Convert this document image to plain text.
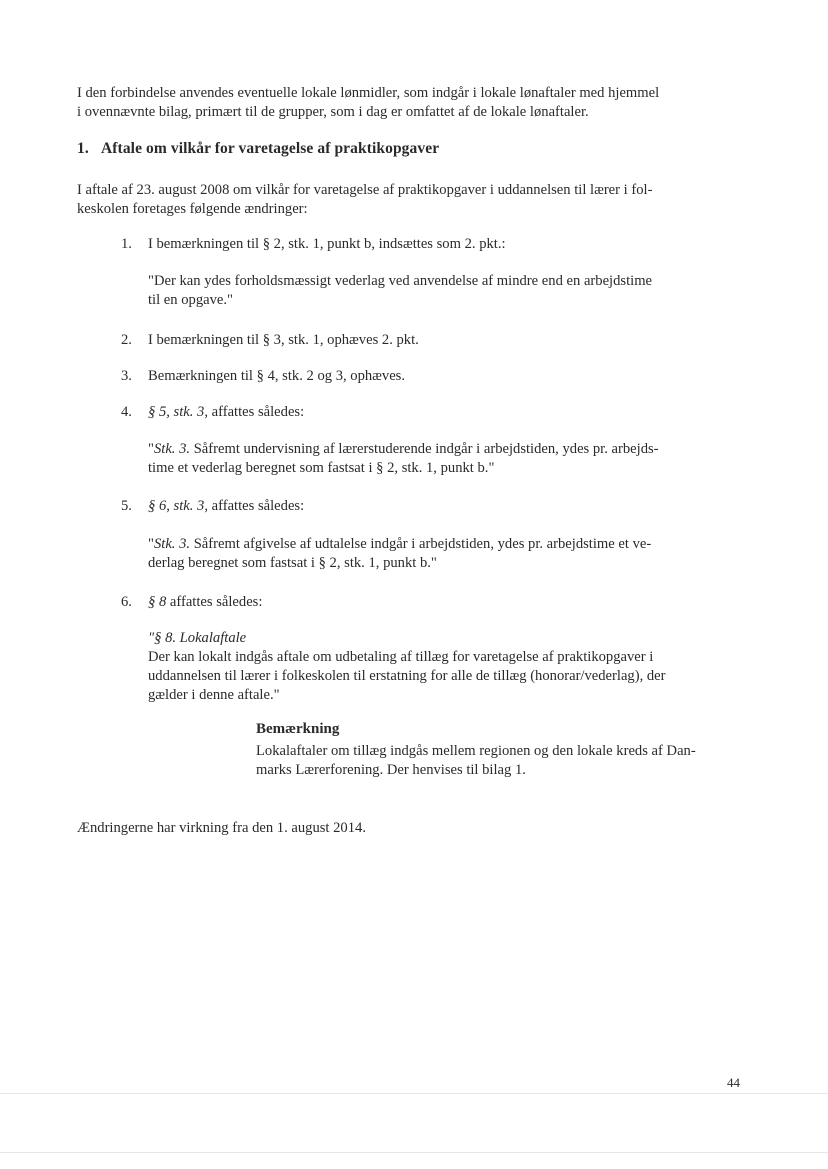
I den forbindelse anvendes eventuelle lokale lønmidler, som indgår i lokale lønaftaler med hjemmel
i ovennævnte bilag, primært til de grupper, som i dag er omfattet af de lokale lønaftaler.
1. Aftale om vilkår for varetagelse af praktikopgaver
I aftale af 23. august 2008 om vilkår for varetagelse af praktikopgaver i uddannelsen til lærer i fol-
keskolen foretages følgende ændringer:
1.	I bemærkningen til § 2, stk. 1, punkt b, indsættes som 2. pkt.:
"Der kan ydes forholdsmæssigt vederlag ved anvendelse af mindre end en arbejdstime
til en opgave."
2.	I bemærkningen til § 3, stk. 1, ophæves 2. pkt.
3.	Bemærkningen til § 4, stk. 2 og 3, ophæves.
4.	§ 5, stk. 3, affattes således:
"Stk. 3. Såfremt undervisning af lærerstuderende indgår i arbejdstiden, ydes pr. arbejds-
time et vederlag beregnet som fastsat i § 2, stk. 1, punkt b."
5.	§ 6, stk. 3, affattes således:
"Stk. 3. Såfremt afgivelse af udtalelse indgår i arbejdstiden, ydes pr. arbejdstime et ve-
derlag beregnet som fastsat i § 2, stk. 1, punkt b."
6.	§ 8 affattes således:
"§ 8. Lokalaftale
Der kan lokalt indgås aftale om udbetaling af tillæg for varetagelse af praktikopgaver i
uddannelsen til lærer i folkeskolen til erstatning for alle de tillæg (honorar/vederlag), der
gælder i denne aftale."
Bemærkning
Lokalaftaler om tillæg indgås mellem regionen og den lokale kreds af Dan-
marks Lærerforening. Der henvises til bilag 1.
Ændringerne har virkning fra den 1. august 2014.
44
